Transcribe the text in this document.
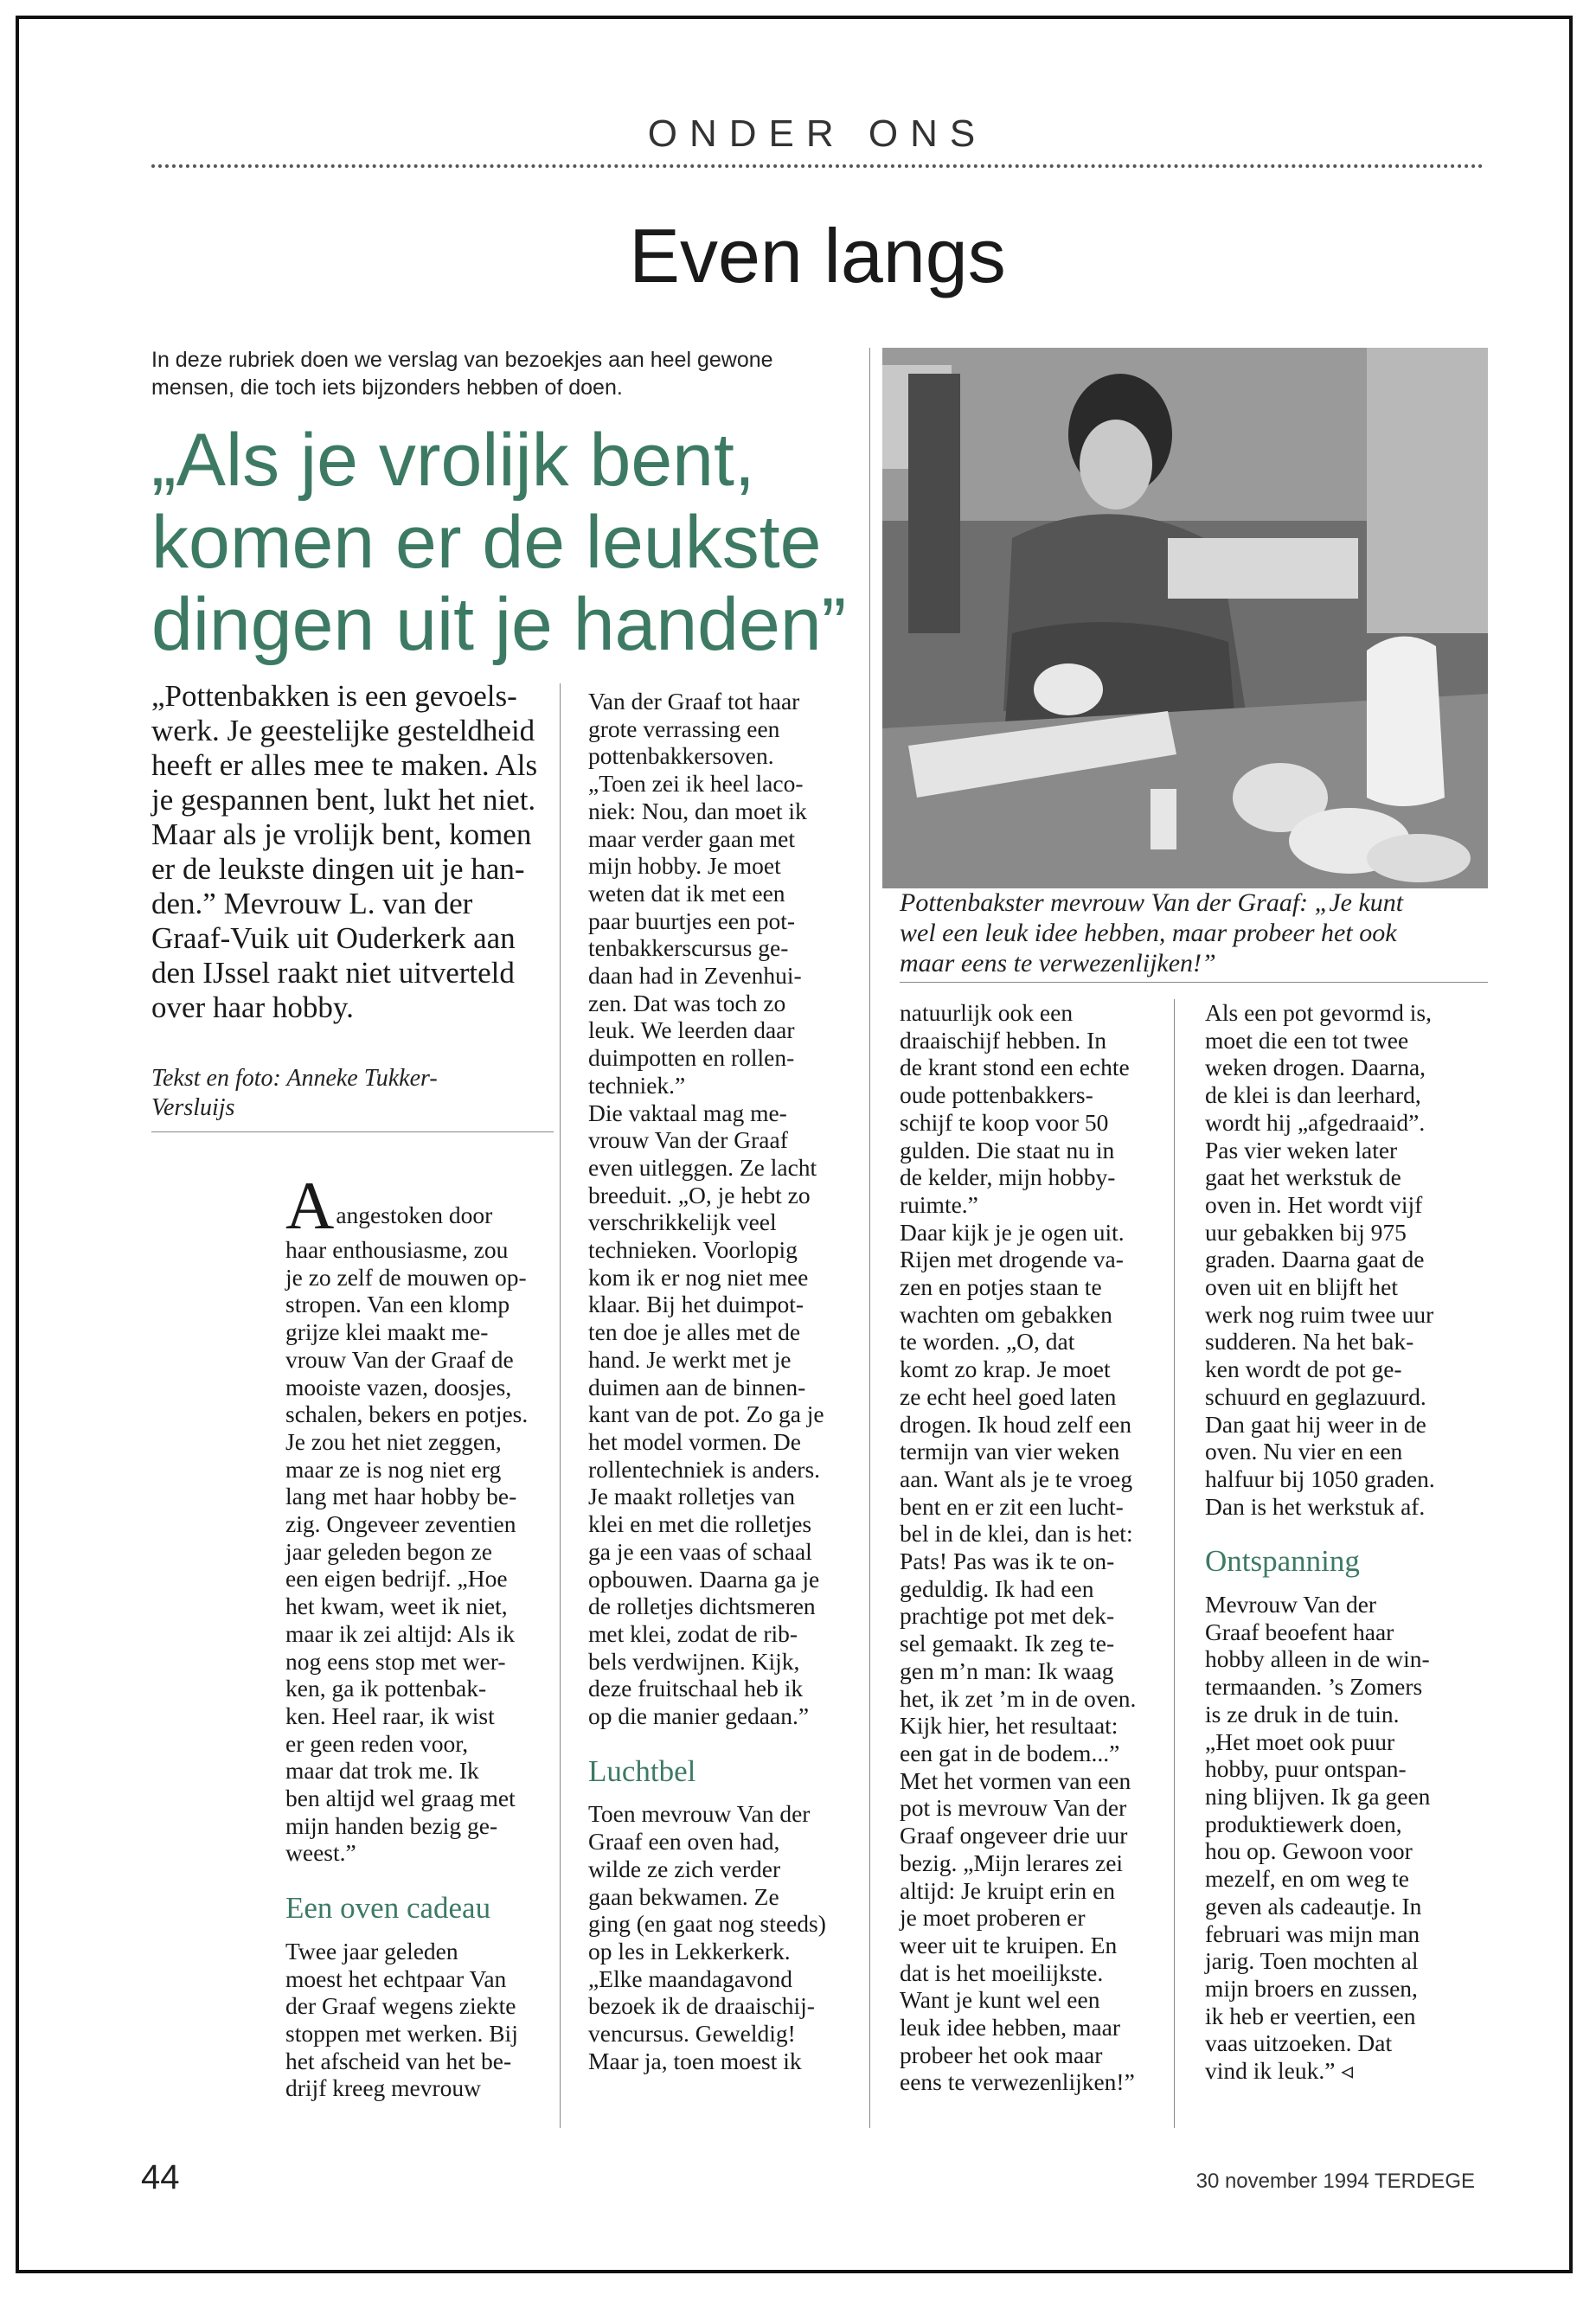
ONDER ONS
Even langs
In deze rubriek doen we verslag van bezoekjes aan heel gewone
mensen, die toch iets bijzonders hebben of doen.
„Als je vrolijk bent,
komen er de leukste
dingen uit je handen”
„Pottenbakken is een gevoels-
werk. Je geestelijke gesteldheid
heeft er alles mee te maken. Als
je gespannen bent, lukt het niet.
Maar als je vrolijk bent, komen
er de leukste dingen uit je han-
den.” Mevrouw L. van der
Graaf-Vuik uit Ouderkerk aan
den IJssel raakt niet uitverteld
over haar hobby.
Tekst en foto: Anneke Tukker-
Versluijs
Aangestoken door
haar enthousiasme, zou
je zo zelf de mouwen op-
stropen. Van een klomp
grijze klei maakt me-
vrouw Van der Graaf de
mooiste vazen, doosjes,
schalen, bekers en potjes.
Je zou het niet zeggen,
maar ze is nog niet erg
lang met haar hobby be-
zig. Ongeveer zeventien
jaar geleden begon ze
een eigen bedrijf. „Hoe
het kwam, weet ik niet,
maar ik zei altijd: Als ik
nog eens stop met wer-
ken, ga ik pottenbak-
ken. Heel raar, ik wist
er geen reden voor,
maar dat trok me. Ik
ben altijd wel graag met
mijn handen bezig ge-
weest.”
Een oven cadeau
Twee jaar geleden
moest het echtpaar Van
der Graaf wegens ziekte
stoppen met werken. Bij
het afscheid van het be-
drijf kreeg mevrouw
Van der Graaf tot haar
grote verrassing een
pottenbakkersoven.
„Toen zei ik heel laco-
niek: Nou, dan moet ik
maar verder gaan met
mijn hobby. Je moet
weten dat ik met een
paar buurtjes een pot-
tenbakkerscursus ge-
daan had in Zevenhui-
zen. Dat was toch zo
leuk. We leerden daar
duimpotten en rollen-
techniek.”
Die vaktaal mag me-
vrouw Van der Graaf
even uitleggen. Ze lacht
breeduit. „O, je hebt zo
verschrikkelijk veel
technieken. Voorlopig
kom ik er nog niet mee
klaar. Bij het duimpot-
ten doe je alles met de
hand. Je werkt met je
duimen aan de binnen-
kant van de pot. Zo ga je
het model vormen. De
rollentechniek is anders.
Je maakt rolletjes van
klei en met die rolletjes
ga je een vaas of schaal
opbouwen. Daarna ga je
de rolletjes dichtsmeren
met klei, zodat de rib-
bels verdwijnen. Kijk,
deze fruitschaal heb ik
op die manier gedaan.”
Luchtbel
Toen mevrouw Van der
Graaf een oven had,
wilde ze zich verder
gaan bekwamen. Ze
ging (en gaat nog steeds)
op les in Lekkerkerk.
„Elke maandagavond
bezoek ik de draaischij-
vencursus. Geweldig!
Maar ja, toen moest ik
natuurlijk ook een
draaischijf hebben. In
de krant stond een echte
oude pottenbakkers-
schijf te koop voor 50
gulden. Die staat nu in
de kelder, mijn hobby-
ruimte.”
Daar kijk je je ogen uit.
Rijen met drogende va-
zen en potjes staan te
wachten om gebakken
te worden. „O, dat
komt zo krap. Je moet
ze echt heel goed laten
drogen. Ik houd zelf een
termijn van vier weken
aan. Want als je te vroeg
bent en er zit een lucht-
bel in de klei, dan is het:
Pats! Pas was ik te on-
geduldig. Ik had een
prachtige pot met dek-
sel gemaakt. Ik zeg te-
gen m’n man: Ik waag
het, ik zet ’m in de oven.
Kijk hier, het resultaat:
een gat in de bodem...”
Met het vormen van een
pot is mevrouw Van der
Graaf ongeveer drie uur
bezig. „Mijn lerares zei
altijd: Je kruipt erin en
je moet proberen er
weer uit te kruipen. En
dat is het moeilijkste.
Want je kunt wel een
leuk idee hebben, maar
probeer het ook maar
eens te verwezenlijken!”
Als een pot gevormd is,
moet die een tot twee
weken drogen. Daarna,
de klei is dan leerhard,
wordt hij „afgedraaid”.
Pas vier weken later
gaat het werkstuk de
oven in. Het wordt vijf
uur gebakken bij 975
graden. Daarna gaat de
oven uit en blijft het
werk nog ruim twee uur
sudderen. Na het bak-
ken wordt de pot ge-
schuurd en geglazuurd.
Dan gaat hij weer in de
oven. Nu vier en een
halfuur bij 1050 graden.
Dan is het werkstuk af.
Ontspanning
Mevrouw Van der
Graaf beoefent haar
hobby alleen in de win-
termaanden. ’s Zomers
is ze druk in de tuin.
„Het moet ook puur
hobby, puur ontspan-
ning blijven. Ik ga geen
produktiewerk doen,
hou op. Gewoon voor
mezelf, en om weg te
geven als cadeautje. In
februari was mijn man
jarig. Toen mochten al
mijn broers en zussen,
ik heb er veertien, een
vaas uitzoeken. Dat
vind ik leuk.” ◃
Pottenbakster mevrouw Van der Graaf: „Je kunt
wel een leuk idee hebben, maar probeer het ook
maar eens te verwezenlijken!”
44	30 november 1994 TERDEGE
